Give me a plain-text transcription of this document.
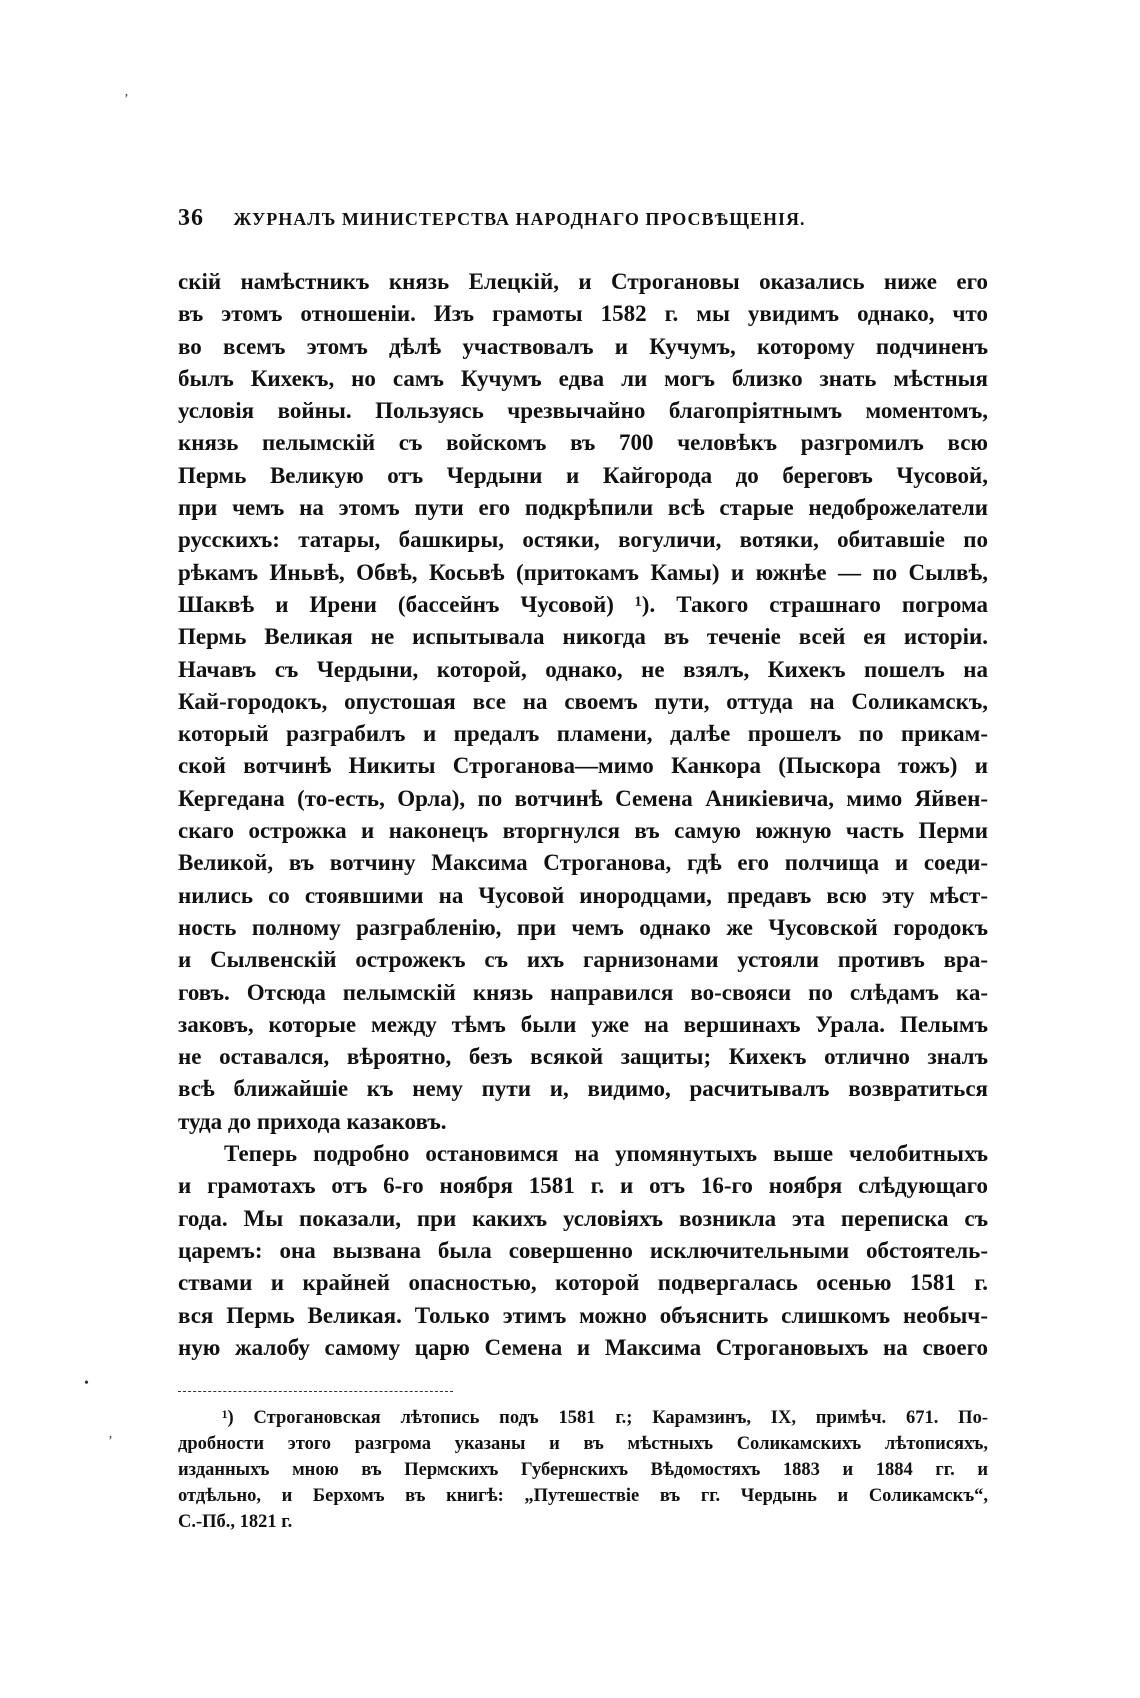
36 ЖУРНАЛЪ МИНИСТЕРСТВА НАРОДНАГО ПРОСВѢЩЕНІЯ.
скій намѣстникъ князь Елецкій, и Строгановы оказались ниже его
въ этомъ отношеніи. Изъ грамоты 1582 г. мы увидимъ однако, что
во всемъ этомъ дѣлѣ участвовалъ и Кучумъ, которому подчиненъ
былъ Кихекъ, но самъ Кучумъ едва ли могъ близко знать мѣстныя
условія войны. Пользуясь чрезвычайно благопріятнымъ моментомъ,
князь пелымскій съ войскомъ въ 700 человѣкъ разгромилъ всю
Пермь Великую отъ Чердыни и Кайгорода до береговъ Чусовой,
при чемъ на этомъ пути его подкрѣпили всѣ старые недоброжелатели
русскихъ: татары, башкиры, остяки, вогуличи, вотяки, обитавшіе по
рѣкамъ Иньвѣ, Обвѣ, Косьвѣ (притокамъ Камы) и южнѣе — по Сылвѣ,
Шаквѣ и Ирени (бассейнъ Чусовой) ¹). Такого страшнаго погрома
Пермь Великая не испытывала никогда въ теченіе всей ея исторіи.
Начавъ съ Чердыни, которой, однако, не взялъ, Кихекъ пошелъ на
Кай-городокъ, опустошая все на своемъ пути, оттуда на Соликамскъ,
который разграбилъ и предалъ пламени, далѣе прошелъ по прикам-
ской вотчинѣ Никиты Строганова—мимо Канкора (Пыскора тожъ) и
Кергедана (то-есть, Орла), по вотчинѣ Семена Аникіевича, мимо Яйвен-
скаго острожка и наконецъ вторгнулся въ самую южную часть Перми
Великой, въ вотчину Максима Строганова, гдѣ его полчища и соеди-
нились со стоявшими на Чусовой инородцами, предавъ всю эту мѣст-
ность полному разграбленію, при чемъ однако же Чусовской городокъ
и Сылвенскій острожекъ съ ихъ гарнизонами устояли противъ вра-
говъ. Отсюда пелымскій князь направился во-свояси по слѣдамъ ка-
заковъ, которые между тѣмъ были уже на вершинахъ Урала. Пелымъ
не оставался, вѣроятно, безъ всякой защиты; Кихекъ отлично зналъ
всѣ ближайшіе къ нему пути и, видимо, расчитывалъ возвратиться
туда до прихода казаковъ.
Теперь подробно остановимся на упомянутыхъ выше челобитныхъ
и грамотахъ отъ 6-го ноября 1581 г. и отъ 16-го ноября слѣдующаго
года. Мы показали, при какихъ условіяхъ возникла эта переписка съ
царемъ: она вызвана была совершенно исключительными обстоятель-
ствами и крайней опасностью, которой подвергалась осенью 1581 г.
вся Пермь Великая. Только этимъ можно объяснить слишкомъ необыч-
ную жалобу самому царю Семена и Максима Строгановыхъ на своего
¹) Строгановская лѣтопись подъ 1581 г.; Карамзинъ, IX, примѣч. 671. По-
дробности этого разгрома указаны и въ мѣстныхъ Соликамскихъ лѣтописяхъ,
изданныхъ мною въ Пермскихъ Губернскихъ Вѣдомостяхъ 1883 и 1884 гг. и
отдѣльно, и Берхомъ въ книгѣ: „Путешествіе въ гг. Чердынь и Соликамскъ“,
С.-Пб., 1821 г.
ʼ
•
ʼ
